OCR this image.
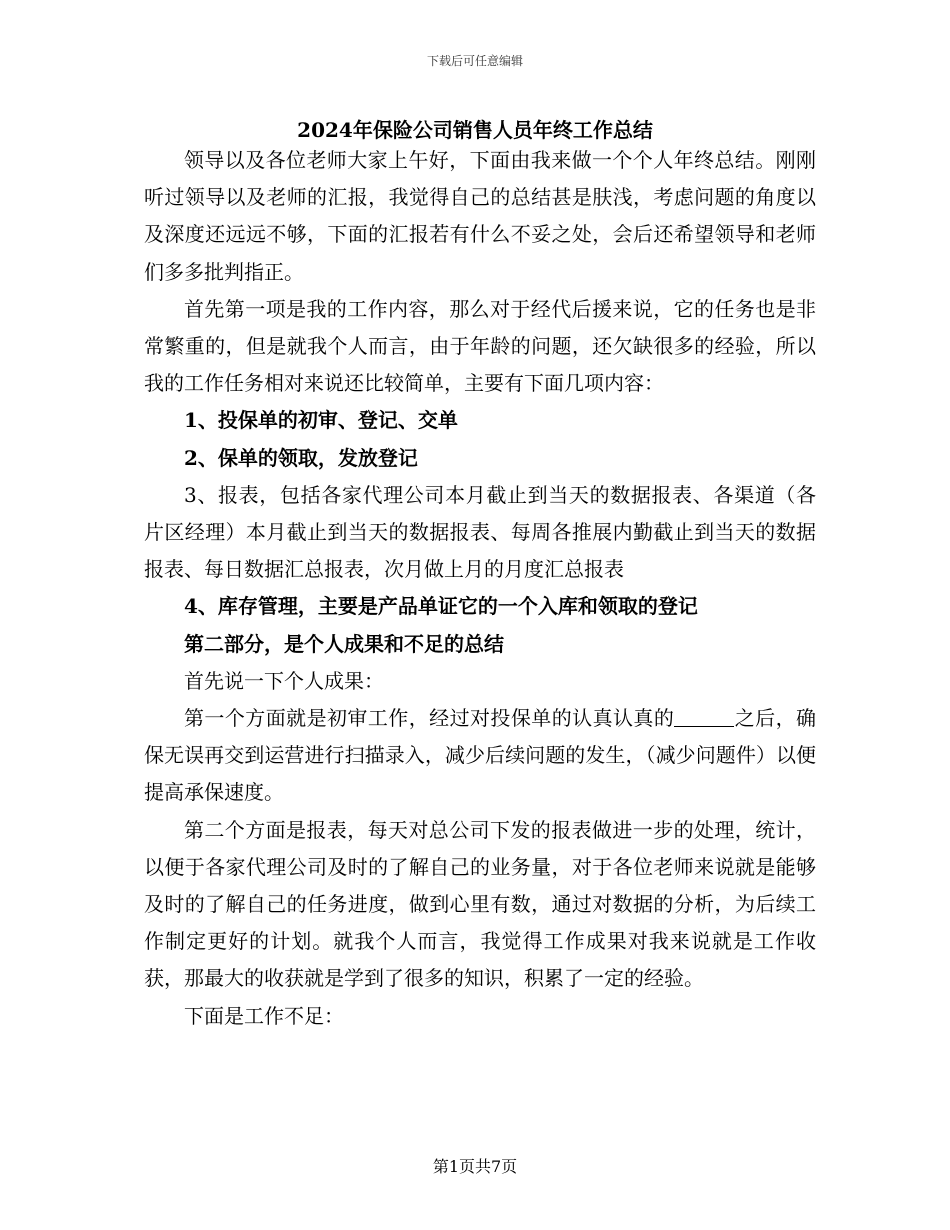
下载后可任意编辑
2024年保险公司销售人员年终工作总结

领导以及各位老师大家上午好，下面由我来做一个个人年终总结。刚刚听过领导以及老师的汇报，我觉得自己的总结甚是肤浅，考虑问题的角度以及深度还远远不够，下面的汇报若有什么不妥之处，会后还希望领导和老师们多多批判指正。

首先第一项是我的工作内容，那么对于经代后援来说，它的任务也是非常繁重的，但是就我个人而言，由于年龄的问题，还欠缺很多的经验，所以我的工作任务相对来说还比较简单，主要有下面几项内容：

1、投保单的初审、登记、交单

2、保单的领取，发放登记

3、报表，包括各家代理公司本月截止到当天的数据报表、各渠道（各片区经理）本月截止到当天的数据报表、每周各推展内勤截止到当天的数据报表、每日数据汇总报表，次月做上月的月度汇总报表

4、库存管理，主要是产品单证它的一个入库和领取的登记

第二部分，是个人成果和不足的总结

首先说一下个人成果：

第一个方面就是初审工作，经过对投保单的认真认真的	之后，确保无误再交到运营进行扫描录入，减少后续问题的发生，（减少问题件）以便提高承保速度。

第二个方面是报表，每天对总公司下发的报表做进一步的处理，统计，以便于各家代理公司及时的了解自己的业务量，对于各位老师来说就是能够及时的了解自己的任务进度，做到心里有数，通过对数据的分析，为后续工作制定更好的计划。就我个人而言，我觉得工作成果对我来说就是工作收获，那最大的收获就是学到了很多的知识，积累了一定的经验。

下面是工作不足：

第1页共7页
